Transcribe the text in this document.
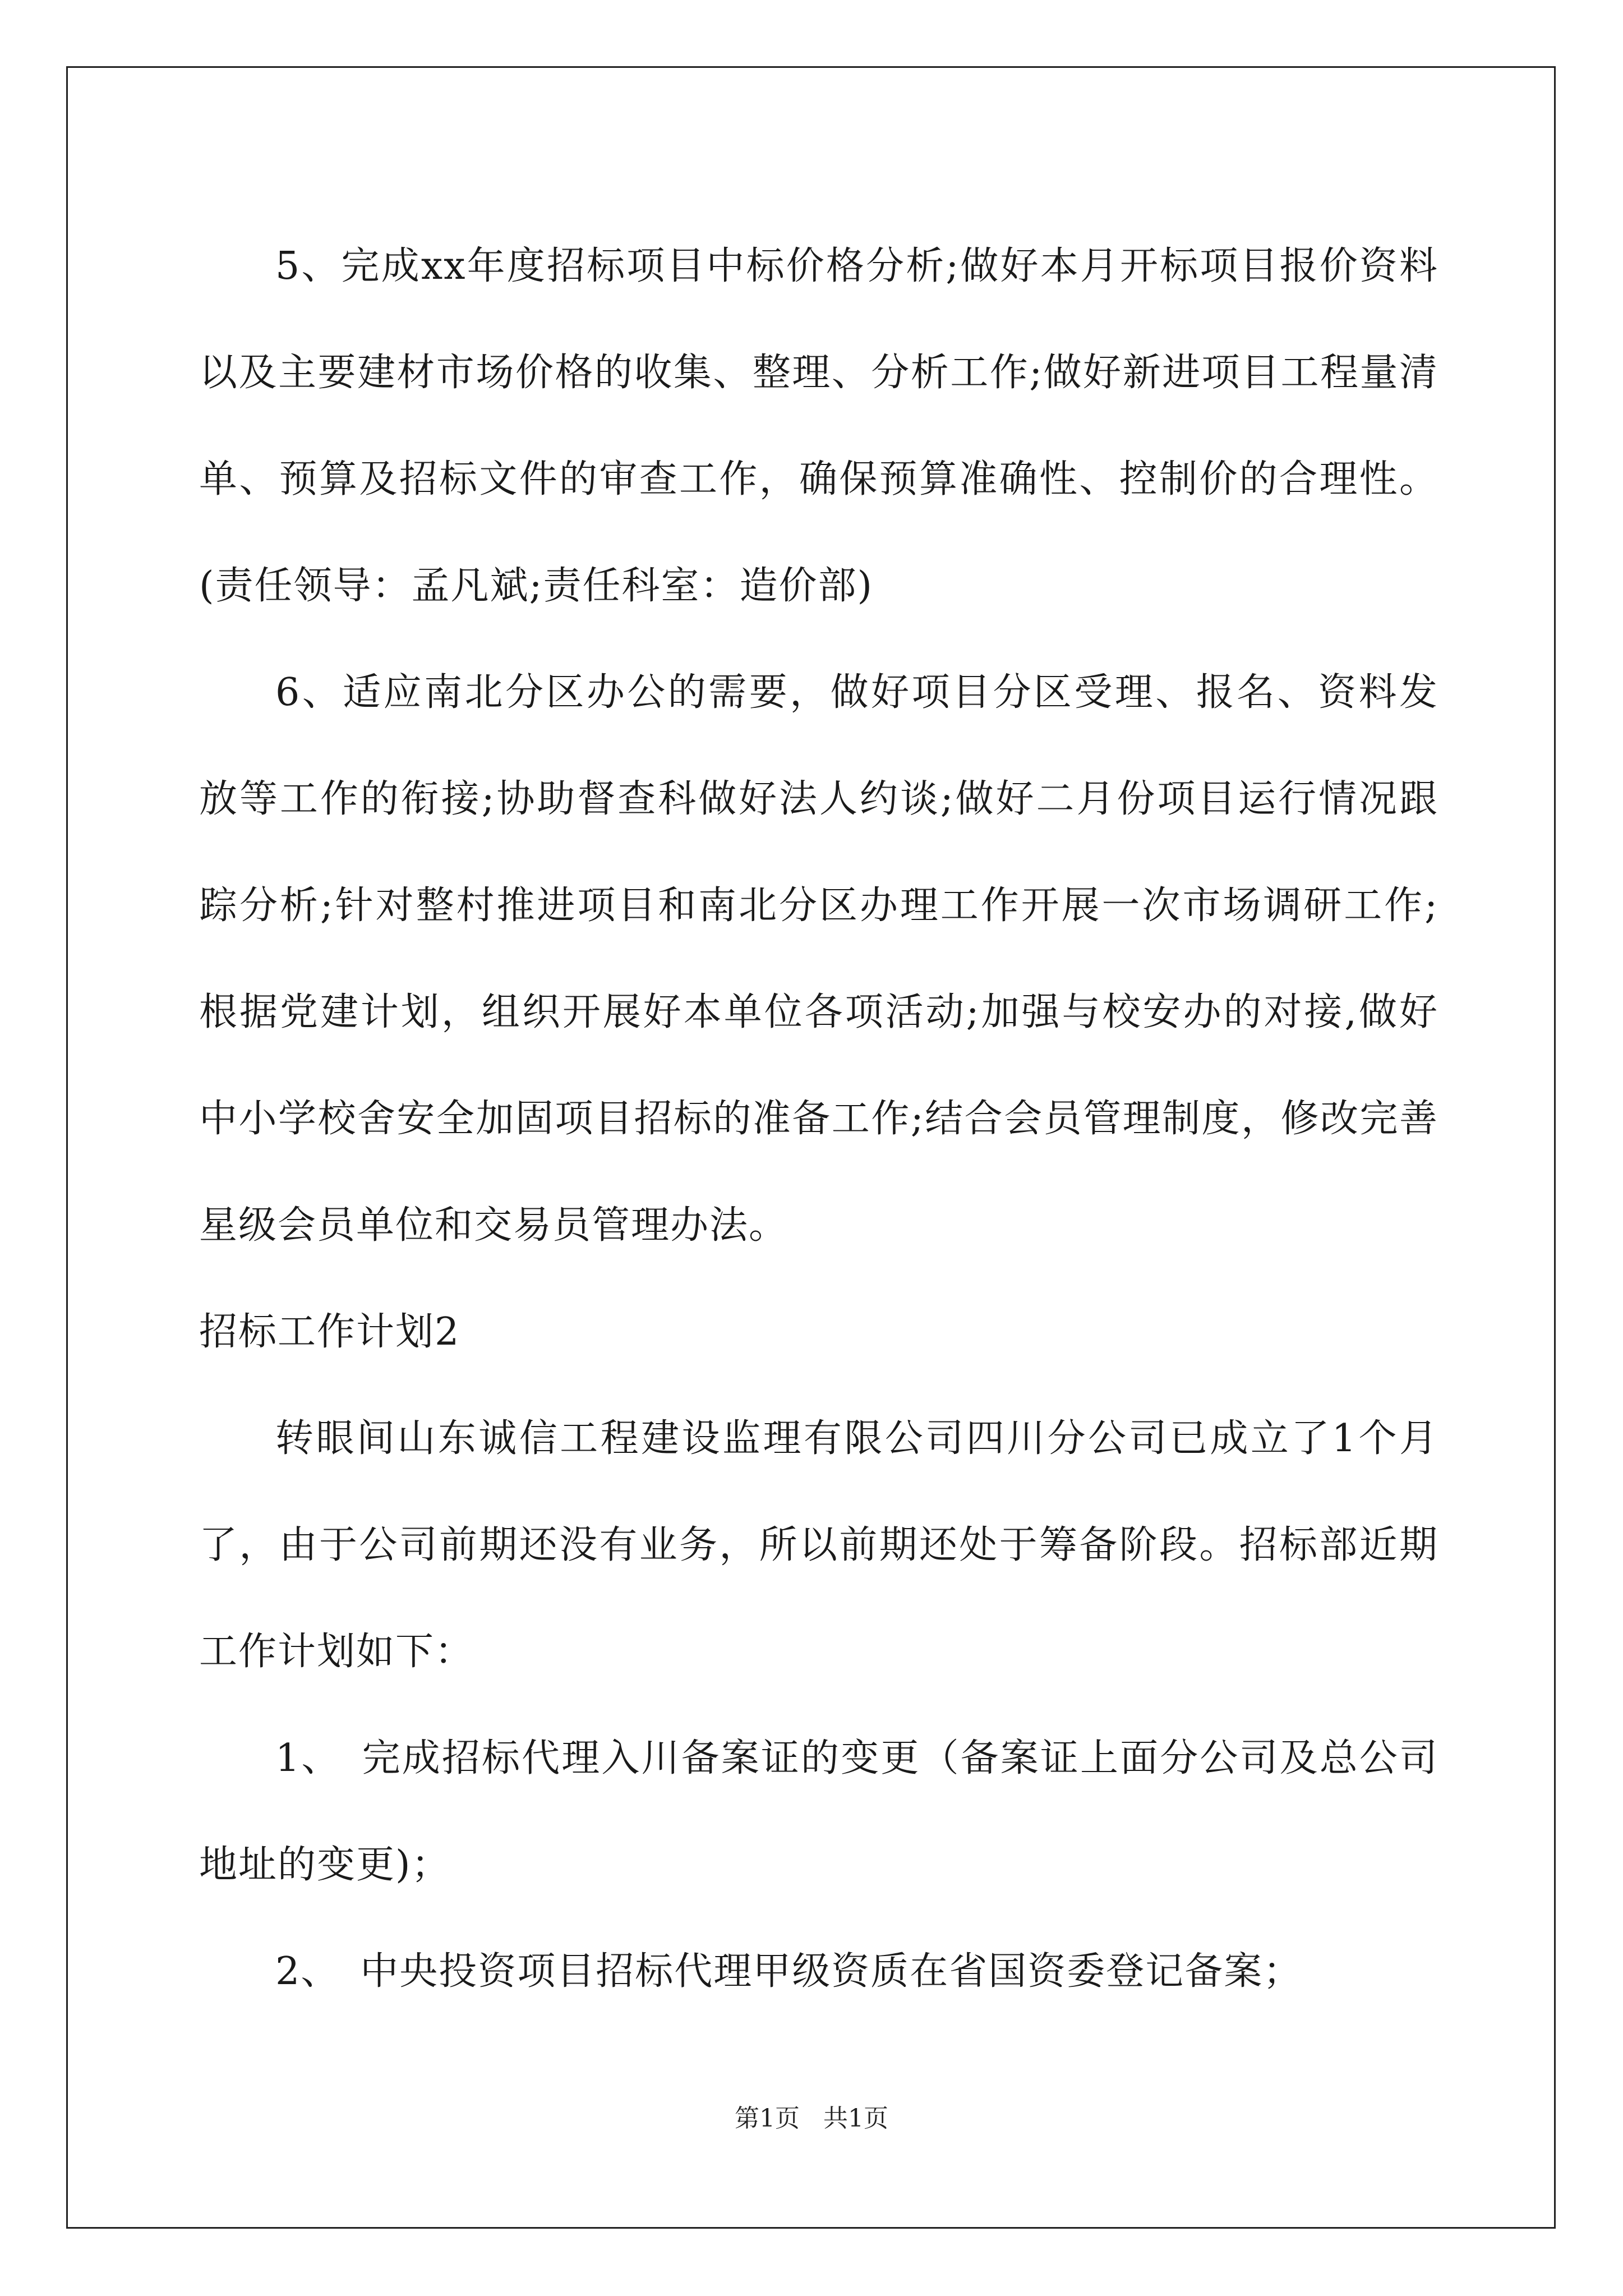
5、完成xx年度招标项目中标价格分析;做好本月开标项目报价资料以及主要建材市场价格的收集、整理、分析工作;做好新进项目工程量清单、预算及招标文件的审查工作，确保预算准确性、控制价的合理性。(责任领导：孟凡斌;责任科室：造价部)

6、适应南北分区办公的需要，做好项目分区受理、报名、资料发放等工作的衔接;协助督查科做好法人约谈;做好二月份项目运行情况跟踪分析;针对整村推进项目和南北分区办理工作开展一次市场调研工作;根据党建计划，组织开展好本单位各项活动;加强与校安办的对接,做好中小学校舍安全加固项目招标的准备工作;结合会员管理制度，修改完善星级会员单位和交易员管理办法。

招标工作计划2

转眼间山东诚信工程建设监理有限公司四川分公司已成立了1个月了，由于公司前期还没有业务，所以前期还处于筹备阶段。招标部近期工作计划如下：

1、　完成招标代理入川备案证的变更（备案证上面分公司及总公司地址的变更)；

2、　中央投资项目招标代理甲级资质在省国资委登记备案；

第1页 共1页
